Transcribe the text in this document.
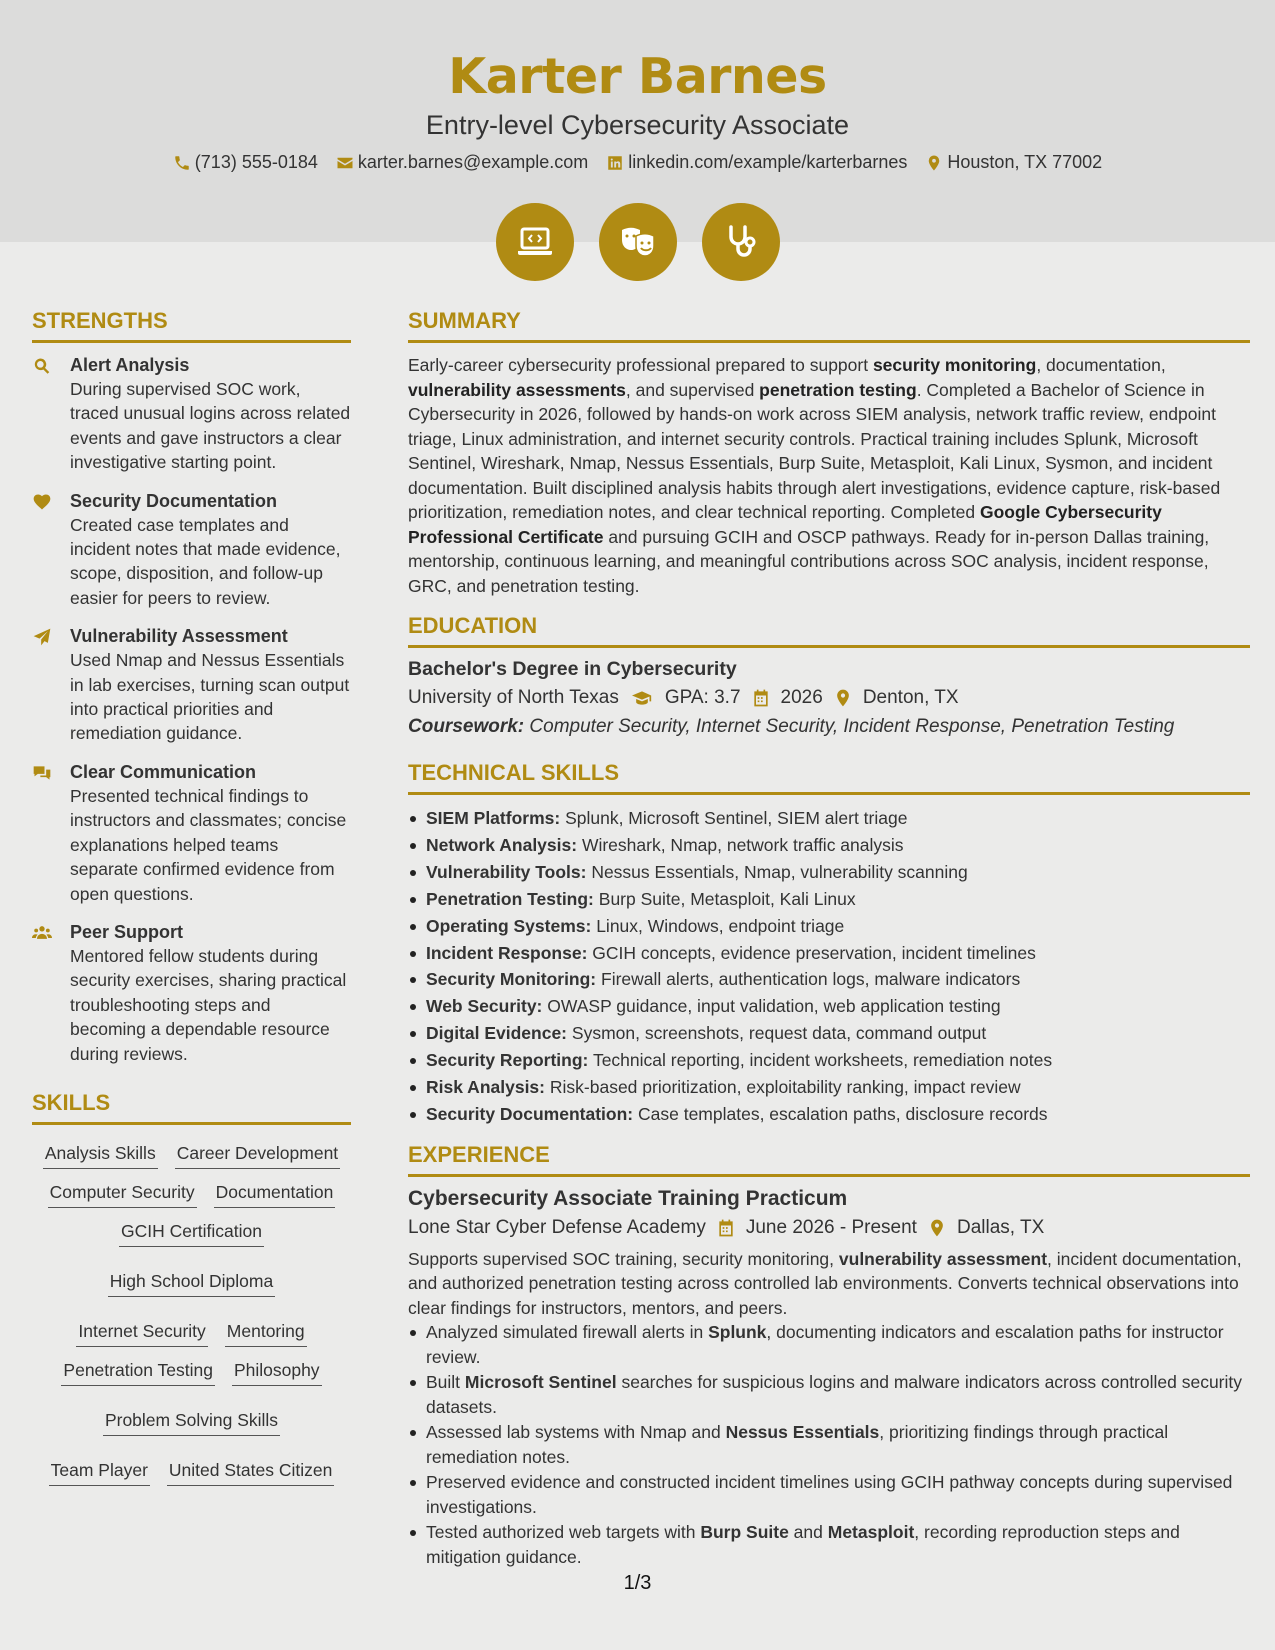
Karter Barnes
Entry-level Cybersecurity Associate
(713) 555-0184 karter.barnes@example.com linkedin.com/example/karterbarnes Houston, TX 77002
STRENGTHS
Alert Analysis
During supervised SOC work, traced unusual logins across related events and gave instructors a clear investigative starting point.
Security Documentation
Created case templates and incident notes that made evidence, scope, disposition, and follow-up easier for peers to review.
Vulnerability Assessment
Used Nmap and Nessus Essentials in lab exercises, turning scan output into practical priorities and remediation guidance.
Clear Communication
Presented technical findings to instructors and classmates; concise explanations helped teams separate confirmed evidence from open questions.
Peer Support
Mentored fellow students during security exercises, sharing practical troubleshooting steps and becoming a dependable resource during reviews.
SKILLS
Analysis Skills Career Development
Computer Security Documentation
GCIH Certification
High School Diploma
Internet Security Mentoring
Penetration Testing Philosophy
Problem Solving Skills
Team Player United States Citizen
SUMMARY

Early-career cybersecurity professional prepared to support security monitoring, documentation, vulnerability assessments, and supervised penetration testing. Completed a Bachelor of Science in Cybersecurity in 2026, followed by hands-on work across SIEM analysis, network traffic review, endpoint triage, Linux administration, and internet security controls. Practical training includes Splunk, Microsoft Sentinel, Wireshark, Nmap, Nessus Essentials, Burp Suite, Metasploit, Kali Linux, Sysmon, and incident documentation. Built disciplined analysis habits through alert investigations, evidence capture, risk-based prioritization, remediation notes, and clear technical reporting. Completed Google Cybersecurity Professional Certificate and pursuing GCIH and OSCP pathways. Ready for in-person Dallas training, mentorship, continuous learning, and meaningful contributions across SOC analysis, incident response, GRC, and penetration testing.

EDUCATION
Bachelor's Degree in Cybersecurity
University of North Texas GPA: 3.7 2026 Denton, TX
Coursework: Computer Security, Internet Security, Incident Response, Penetration Testing
TECHNICAL SKILLS
SIEM Platforms: Splunk, Microsoft Sentinel, SIEM alert triage
Network Analysis: Wireshark, Nmap, network traffic analysis
Vulnerability Tools: Nessus Essentials, Nmap, vulnerability scanning
Penetration Testing: Burp Suite, Metasploit, Kali Linux
Operating Systems: Linux, Windows, endpoint triage
Incident Response: GCIH concepts, evidence preservation, incident timelines
Security Monitoring: Firewall alerts, authentication logs, malware indicators
Web Security: OWASP guidance, input validation, web application testing
Digital Evidence: Sysmon, screenshots, request data, command output
Security Reporting: Technical reporting, incident worksheets, remediation notes
Risk Analysis: Risk-based prioritization, exploitability ranking, impact review
Security Documentation: Case templates, escalation paths, disclosure records
EXPERIENCE
Cybersecurity Associate Training Practicum
Lone Star Cyber Defense Academy June 2026 - Present Dallas, TX

Supports supervised SOC training, security monitoring, vulnerability assessment, incident documentation, and authorized penetration testing across controlled lab environments. Converts technical observations into clear findings for instructors, mentors, and peers.

Analyzed simulated firewall alerts in Splunk, documenting indicators and escalation paths for instructor review.
Built Microsoft Sentinel searches for suspicious logins and malware indicators across controlled security datasets.
Assessed lab systems with Nmap and Nessus Essentials, prioritizing findings through practical remediation notes.
Preserved evidence and constructed incident timelines using GCIH pathway concepts during supervised investigations.
Tested authorized web targets with Burp Suite and Metasploit, recording reproduction steps and mitigation guidance.
1/3
